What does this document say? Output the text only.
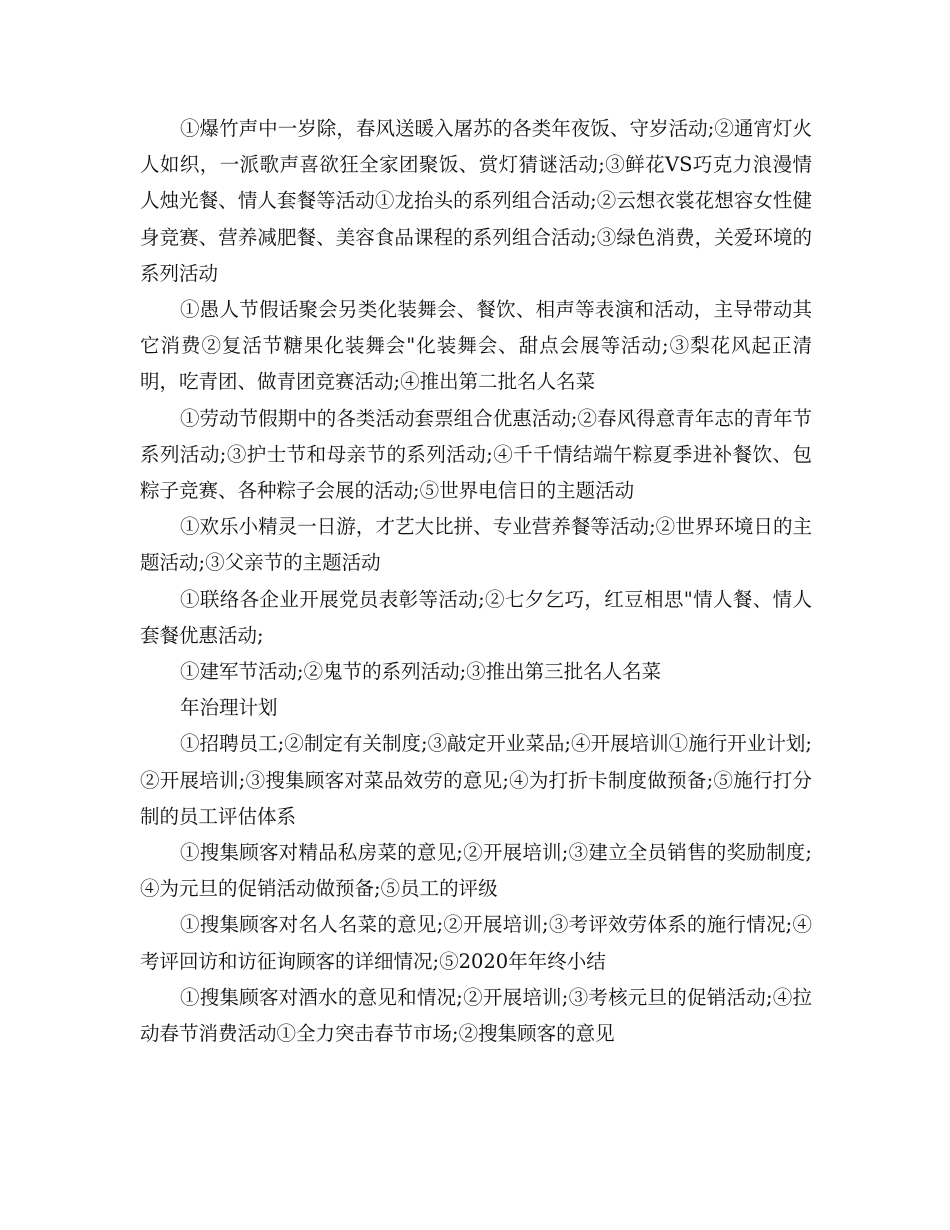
①爆竹声中一岁除，春风送暖入屠苏的各类年夜饭、守岁活动;②通宵灯火人如织，一派歌声喜欲狂全家团聚饭、赏灯猜谜活动;③鲜花VS巧克力浪漫情人烛光餐、情人套餐等活动①龙抬头的系列组合活动;②云想衣裳花想容女性健身竞赛、营养减肥餐、美容食品课程的系列组合活动;③绿色消费，关爱环境的系列活动

①愚人节假话聚会另类化装舞会、餐饮、相声等表演和活动，主导带动其它消费②复活节糖果化装舞会"化装舞会、甜点会展等活动;③梨花风起正清明，吃青团、做青团竞赛活动;④推出第二批名人名菜

①劳动节假期中的各类活动套票组合优惠活动;②春风得意青年志的青年节系列活动;③护士节和母亲节的系列活动;④千千情结端午粽夏季进补餐饮、包粽子竞赛、各种粽子会展的活动;⑤世界电信日的主题活动

①欢乐小精灵一日游，才艺大比拼、专业营养餐等活动;②世界环境日的主题活动;③父亲节的主题活动

①联络各企业开展党员表彰等活动;②七夕乞巧，红豆相思"情人餐、情人套餐优惠活动;

①建军节活动;②鬼节的系列活动;③推出第三批名人名菜

年治理计划

①招聘员工;②制定有关制度;③敲定开业菜品;④开展培训①施行开业计划;②开展培训;③搜集顾客对菜品效劳的意见;④为打折卡制度做预备;⑤施行打分制的员工评估体系

①搜集顾客对精品私房菜的意见;②开展培训;③建立全员销售的奖励制度;④为元旦的促销活动做预备;⑤员工的评级

①搜集顾客对名人名菜的意见;②开展培训;③考评效劳体系的施行情况;④考评回访和访征询顾客的详细情况;⑤2020年年终小结

①搜集顾客对酒水的意见和情况;②开展培训;③考核元旦的促销活动;④拉动春节消费活动①全力突击春节市场;②搜集顾客的意见
